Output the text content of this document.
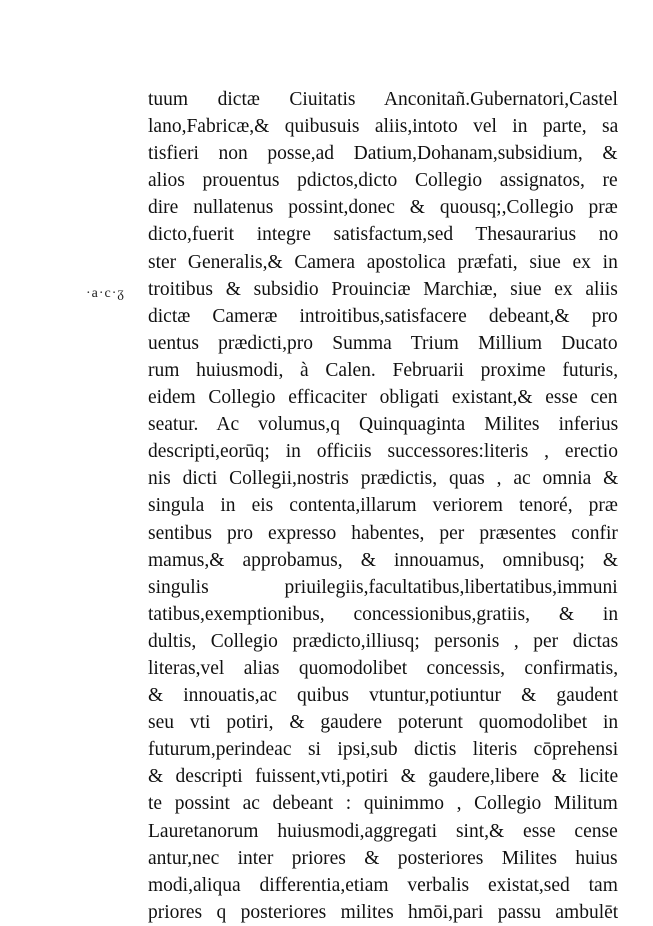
·a·c·ᵹ
tuum dictæ Ciuitatis Anconitañ.Gubernatori,Castel
lano,Fabricæ,& quibusuis aliis,intoto vel in parte, sa
tisfieri non posse,ad Datium,Dohanam,subsidium, &
alios prouentus pdictos,dicto Collegio assignatos, re
dire nullatenus possint,donec & quousq;,Collegio præ
dicto,fuerit integre satisfactum,sed Thesaurarius no
ster Generalis,& Camera apostolica præfati, siue ex in
troitibus & subsidio Prouinciæ Marchiæ, siue ex aliis
dictæ Cameræ introitibus,satisfacere debeant,& pro
uentus prædicti,pro Summa Trium Millium Ducato
rum huiusmodi, à Calen. Februarii proxime futuris,
eidem Collegio efficaciter obligati existant,& esse cen
seatur. Ac volumus,q Quinquaginta Milites inferius
descripti,eorūq; in officiis successores:literis , erectio
nis dicti Collegii,nostris prædictis, quas , ac omnia &
singula in eis contenta,illarum veriorem tenoré, præ
sentibus pro expresso habentes, per præsentes confir
mamus,& approbamus, & innouamus, omnibusq; &
singulis priuilegiis,facultatibus,libertatibus,immuni
tatibus,exemptionibus, concessionibus,gratiis, & in
dultis, Collegio prædicto,illiusq; personis , per dictas
literas,vel alias quomodolibet concessis, confirmatis,
& innouatis,ac quibus vtuntur,potiuntur & gaudent
seu vti potiri, & gaudere poterunt quomodolibet in
futurum,perindeac si ipsi,sub dictis literis cōprehensi
& descripti fuissent,vti,potiri & gaudere,libere & licite
te possint ac debeant : quinimmo , Collegio Militum
Lauretanorum huiusmodi,aggregati sint,& esse cense
antur,nec inter priores & posteriores Milites huius
modi,aliqua differentia,etiam verbalis existat,sed tam
priores q posteriores milites hmōi,pari passu ambulēt
